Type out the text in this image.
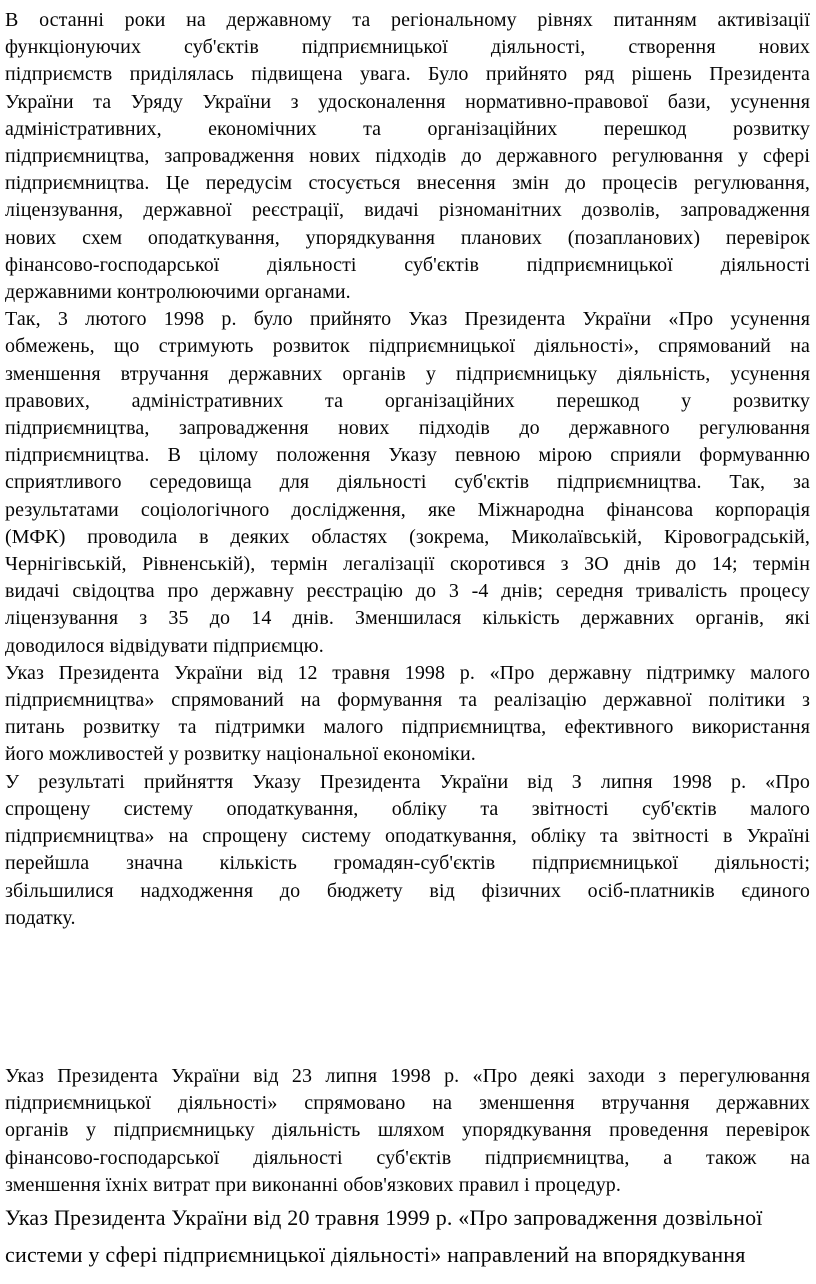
В останні роки на державному та регіональному рівнях питанням активізації
функціонуючих суб'єктів підприємницької діяльності, створення нових
підприємств приділялась підвищена увага. Було прийнято ряд рішень Президента
України та Уряду України з удосконалення нормативно-правової бази, усунення
адміністративних, економічних та організаційних перешкод розвитку
підприємництва, запровадження нових підходів до державного регулювання у сфері
підприємництва. Це передусім стосується внесення змін до процесів регулювання,
ліцензування, державної реєстрації, видачі різноманітних дозволів, запровадження
нових схем оподаткування, упорядкування планових (позапланових) перевірок
фінансово-господарської діяльності суб'єктів підприємницької діяльності
державними контролюючими органами.
Так, 3 лютого 1998 р. було прийнято Указ Президента України «Про усунення
обмежень, що стримують розвиток підприємницької діяльності», спрямований на
зменшення втручання державних органів у підприємницьку діяльність, усунення
правових, адміністративних та організаційних перешкод у розвитку
підприємництва, запровадження нових підходів до державного регулювання
підприємництва. В цілому положення Указу певною мірою сприяли формуванню
сприятливого середовища для діяльності суб'єктів підприємництва. Так, за
результатами соціологічного дослідження, яке Міжнародна фінансова корпорація
(МФК) проводила в деяких областях (зокрема, Миколаївській, Кіровоградській,
Чернігівській, Рівненській), термін легалізації скоротився з ЗО днів до 14; термін
видачі свідоцтва про державну реєстрацію до 3 -4 днів; середня тривалість процесу
ліцензування з 35 до 14 днів. Зменшилася кількість державних органів, які
доводилося відвідувати підприємцю.
Указ Президента України від 12 травня 1998 р. «Про державну підтримку малого
підприємництва» спрямований на формування та реалізацію державної політики з
питань розвитку та підтримки малого підприємництва, ефективного використання
його можливостей у розвитку національної економіки.
У результаті прийняття Указу Президента України від З липня 1998 р. «Про
спрощену систему оподаткування, обліку та звітності суб'єктів малого
підприємництва» на спрощену систему оподаткування, обліку та звітності в Україні
перейшла значна кількість громадян-суб'єктів підприємницької діяльності;
збільшилися надходження до бюджету від фізичних осіб-платників єдиного
податку.
Указ Президента України від 23 липня 1998 р. «Про деякі заходи з перегулювання
підприємницької діяльності» спрямовано на зменшення втручання державних
органів у підприємницьку діяльність шляхом упорядкування проведення перевірок
фінансово-господарської діяльності суб'єктів підприємництва, а також на
зменшення їхніх витрат при виконанні обов'язкових правил і процедур.
Указ Президента України від 20 травня 1999 р. «Про запровадження дозвільної
системи у сфері підприємницької діяльності» направлений на впорядкування
